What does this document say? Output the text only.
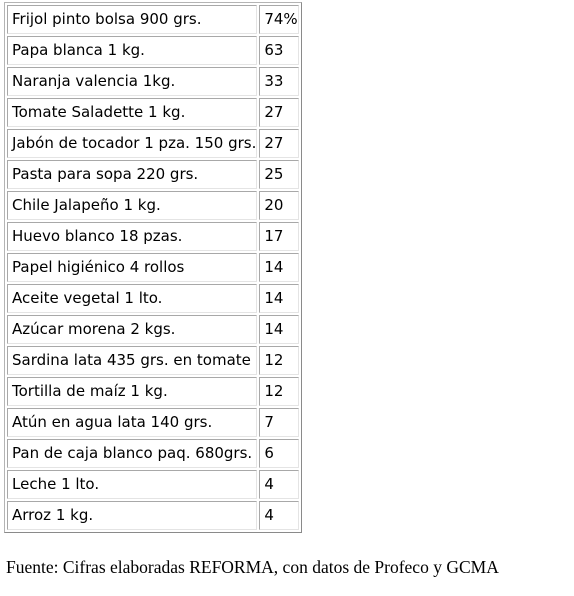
Frijol pinto bolsa 900 grs.	74%
Papa blanca 1 kg.	63
Naranja valencia 1kg.	33
Tomate Saladette 1 kg.	27
Jabón de tocador 1 pza. 150 grs.	27
Pasta para sopa 220 grs.	25
Chile Jalapeño 1 kg.	20
Huevo blanco 18 pzas.	17
Papel higiénico 4 rollos	14
Aceite vegetal 1 lto.	14
Azúcar morena 2 kgs.	14
Sardina lata 435 grs. en tomate	12
Tortilla de maíz 1 kg.	12
Atún en agua lata 140 grs.	7
Pan de caja blanco paq. 680grs.	6
Leche 1 lto.	4
Arroz 1 kg.	4

Fuente: Cifras elaboradas REFORMA, con datos de Profeco y GCMA
